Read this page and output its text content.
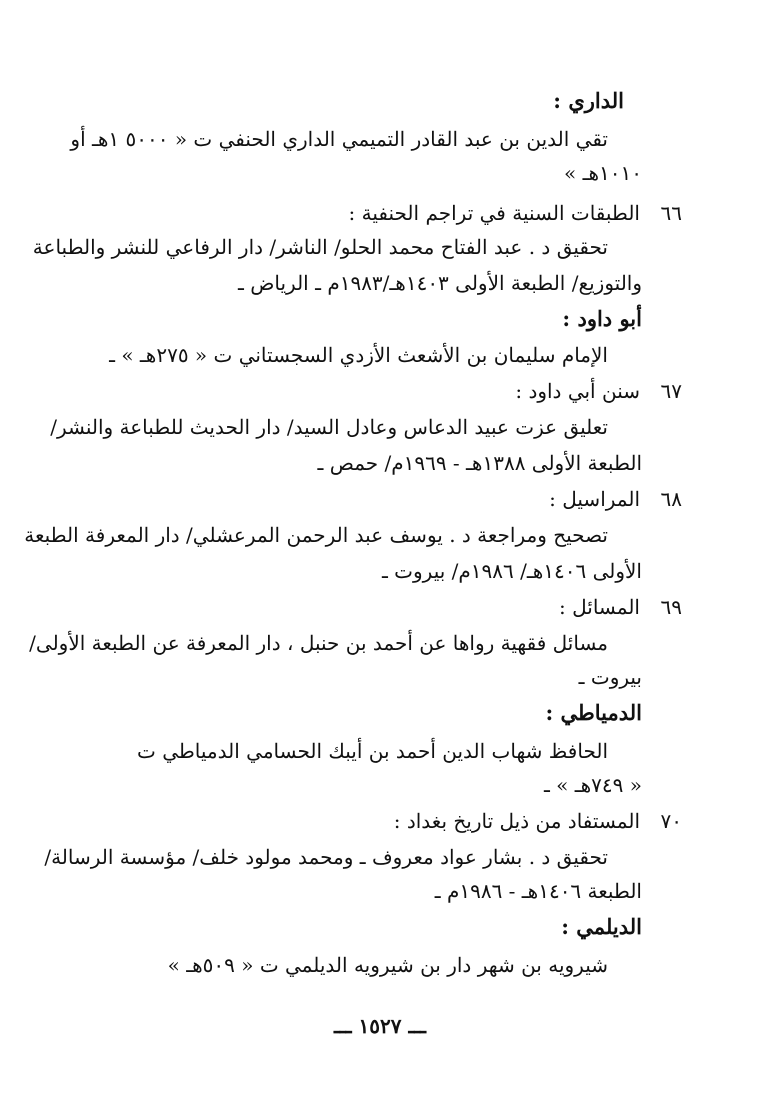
الداري :
تقي الدين بن عبد القادر التميمي الداري الحنفي ت « ٥٠٠٠ ١هـ أو
١٠١٠هـ »
٦٦
الطبقات السنية في تراجم الحنفية :
تحقيق د . عبد الفتاح محمد الحلو/ الناشر/ دار الرفاعي للنشر والطباعة
والتوزيع/ الطبعة الأولى ١٤٠٣هـ/١٩٨٣م ـ الرياض ـ
أبو داود :
الإمام سليمان بن الأشعث الأزدي السجستاني ت « ٢٧٥هـ » ـ
٦٧
سنن أبي داود :
تعليق عزت عبيد الدعاس وعادل السيد/ دار الحديث للطباعة والنشر/
الطبعة الأولى ١٣٨٨هـ - ١٩٦٩م/ حمص ـ
٦٨
المراسيل :
تصحيح ومراجعة د . يوسف عبد الرحمن المرعشلي/ دار المعرفة الطبعة
الأولى ١٤٠٦هـ/ ١٩٨٦م/ بيروت ـ
٦٩
المسائل :
مسائل فقهية رواها عن أحمد بن حنبل ، دار المعرفة عن الطبعة الأولى/
بيروت ـ
الدمياطي :
الحافظ شهاب الدين أحمد بن أيبك الحسامي الدمياطي ت
« ٧٤٩هـ » ـ
٧٠
المستفاد من ذيل تاريخ بغداد :
تحقيق د . بشار عواد معروف ـ ومحمد مولود خلف/ مؤسسة الرسالة/
الطبعة ١٤٠٦هـ - ١٩٨٦م ـ
الديلمي :
شيرويه بن شهر دار بن شيرويه الديلمي ت « ٥٠٩هـ »
ـــ ١٥٢٧ ـــ
